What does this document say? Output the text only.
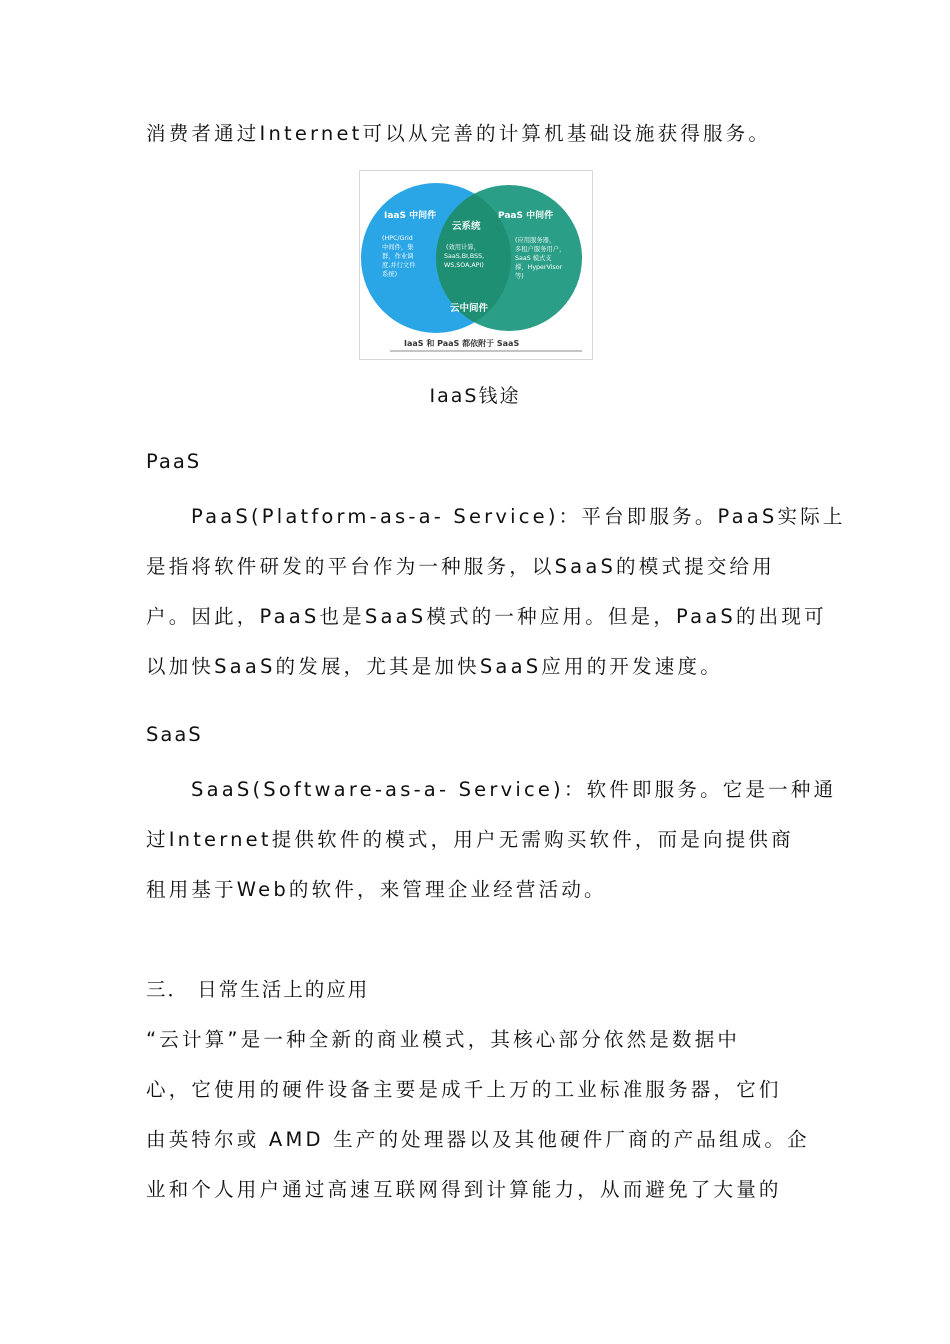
消费者通过Internet可以从完善的计算机基础设施获得服务。
IaaS 中间件
(HPC/Grid
中间件，集
群，作业调
度,并行文件
系统)
云系统
(效用计算，
SaaS,BI,BSS,
WS,SOA,API)
PaaS 中间件
(应用服务器，
多租户服务用户，
SaaS 模式支
撑，HyperVisor
等)
云中间件
IaaS 和 PaaS 都依附于 SaaS
IaaS钱途
PaaS
PaaS(Platform-as-a- Service)：平台即服务。PaaS实际上
是指将软件研发的平台作为一种服务，以SaaS的模式提交给用
户。因此，PaaS也是SaaS模式的一种应用。但是，PaaS的出现可
以加快SaaS的发展，尤其是加快SaaS应用的开发速度。
SaaS
SaaS(Software-as-a- Service)：软件即服务。它是一种通
过Internet提供软件的模式，用户无需购买软件，而是向提供商
租用基于Web的软件，来管理企业经营活动。
三． 日常生活上的应用
“云计算”是一种全新的商业模式，其核心部分依然是数据中
心，它使用的硬件设备主要是成千上万的工业标准服务器，它们
由英特尔或 AMD 生产的处理器以及其他硬件厂商的产品组成。企
业和个人用户通过高速互联网得到计算能力，从而避免了大量的
